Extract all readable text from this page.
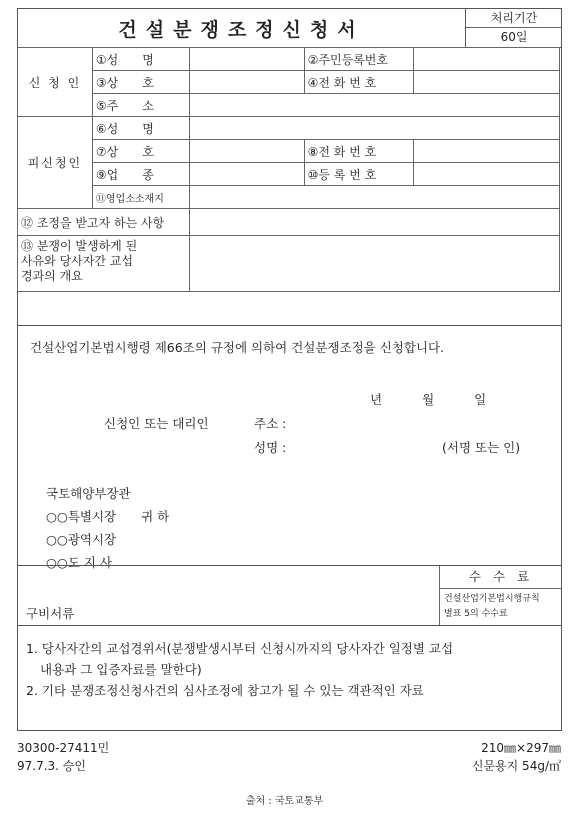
건설분쟁조정신청서
처리기간
60일
신 청 인	①성　　명		②주민등록번호	
	③상　　호		④전 화 번 호	
	⑤주　　소			
피신청인	⑥성　　명			
	⑦상　　호		⑧전 화 번 호	
	⑨업　　종		⑩등 록 번 호	
	⑪영업소소재지			
⑫ 조정을 받고자 하는 사항				

⑬ 분쟁이 발생하게 된
사유와 당사자간 교섭
경과의 개요				

건설산업기본법시행령 제66조의 규정에 의하여 건설분쟁조정을 신청합니다.
년	월	일
신청인 또는 대리인	주소 :
성명 :	(서명 또는 인)
국토해양부장관
○○특별시장　　귀 하
○○광역시장
○○도 지 사
구비서류
수 수 료
건설산업기본법시행규칙
별표 5의 수수료
1. 당사자간의 교섭경위서(분쟁발생시부터 신청시까지의 당사자간 일정별 교섭
내용과 그 입증자료를 말한다)
2. 기타 분쟁조정신청사건의 심사조정에 참고가 될 수 있는 객관적인 자료
30300-27411민
97.7.3. 승인
210㎜×297㎜
신문용지 54g/㎡
출처 : 국토교통부
